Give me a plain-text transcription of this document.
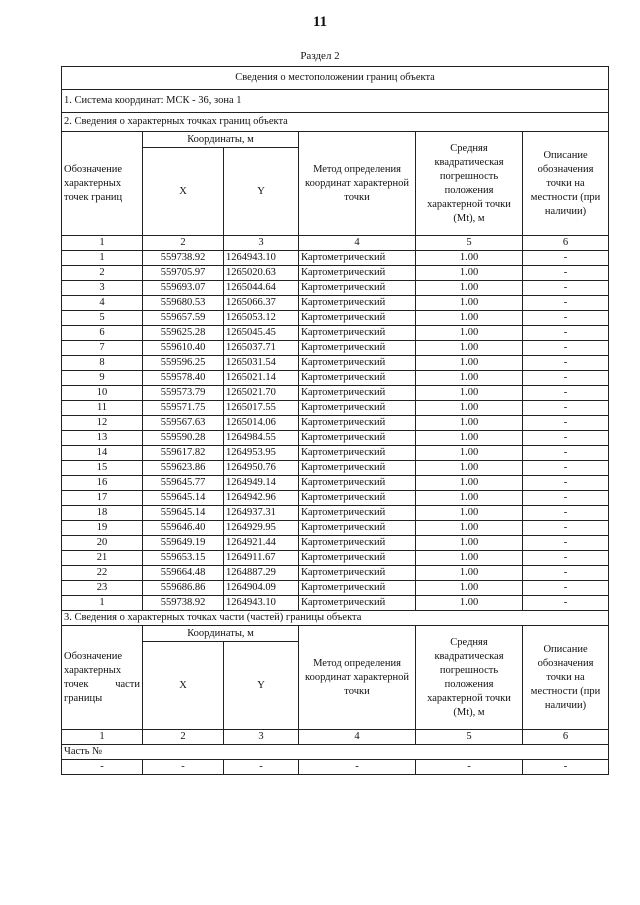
11
Раздел 2
Сведения о местоположении границ объекта					
1. Система координат: МСК - 36, зона 1					
2. Сведения о характерных точках границ объекта					
Обозначение характерных точек границ	Координаты, м		Метод определения координат характерной точки	Средняя квадратическая погрешность положения характерной точки (Mt), м	Описание обозначения точки на местности (при наличии)
	X	Y			
1	2	3	4	5	6
1	559738.92	1264943.10	Картометрический	1.00	-
2	559705.97	1265020.63	Картометрический	1.00	-
3	559693.07	1265044.64	Картометрический	1.00	-
4	559680.53	1265066.37	Картометрический	1.00	-
5	559657.59	1265053.12	Картометрический	1.00	-
6	559625.28	1265045.45	Картометрический	1.00	-
7	559610.40	1265037.71	Картометрический	1.00	-
8	559596.25	1265031.54	Картометрический	1.00	-
9	559578.40	1265021.14	Картометрический	1.00	-
10	559573.79	1265021.70	Картометрический	1.00	-
11	559571.75	1265017.55	Картометрический	1.00	-
12	559567.63	1265014.06	Картометрический	1.00	-
13	559590.28	1264984.55	Картометрический	1.00	-
14	559617.82	1264953.95	Картометрический	1.00	-
15	559623.86	1264950.76	Картометрический	1.00	-
16	559645.77	1264949.14	Картометрический	1.00	-
17	559645.14	1264942.96	Картометрический	1.00	-
18	559645.14	1264937.31	Картометрический	1.00	-
19	559646.40	1264929.95	Картометрический	1.00	-
20	559649.19	1264921.44	Картометрический	1.00	-
21	559653.15	1264911.67	Картометрический	1.00	-
22	559664.48	1264887.29	Картометрический	1.00	-
23	559686.86	1264904.09	Картометрический	1.00	-
1	559738.92	1264943.10	Картометрический	1.00	-
3. Сведения о характерных точках части (частей) границы объекта					
Обозначение характерных точек части границы	Координаты, м		Метод определения координат характерной точки	Средняя квадратическая погрешность положения характерной точки (Mt), м	Описание обозначения точки на местности (при наличии)
	X	Y			
1	2	3	4	5	6
Часть №					
-	-	-	-	-	-
